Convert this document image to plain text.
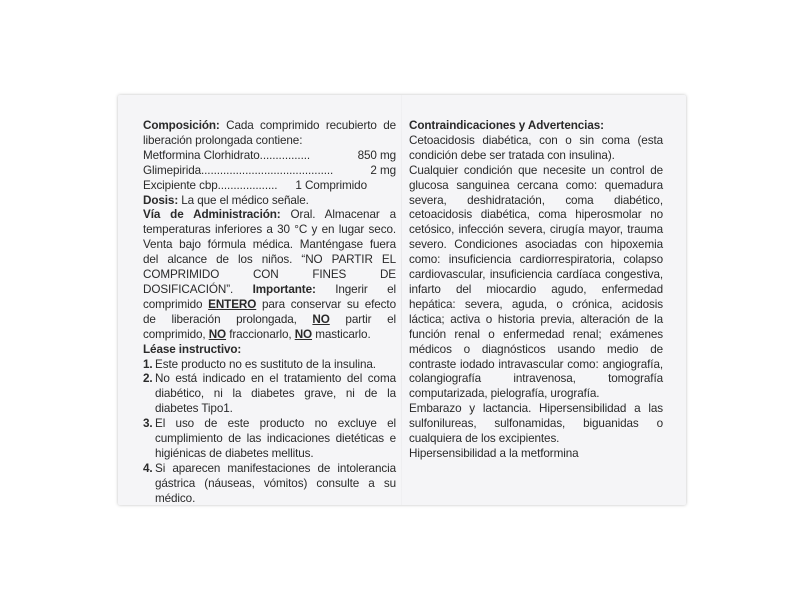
Composición: Cada comprimido recubierto de liberación prolongada contiene:

Metformina Clorhidrato................	850 mg
Glimepirida..........................................	2 mg
Excipiente cbp................... 1 Comprimido

Dosis: La que el médico señale.

Vía de Administración: Oral. Almacenar a temperaturas inferiores a 30 °C y en lugar seco. Venta bajo fórmula médica. Manténgase fuera del alcance de los niños. “NO PARTIR EL COMPRIMIDO CON FINES DE DOSIFICACIÓN”. Importante: Ingerir el comprimido ENTERO para conservar su efecto de liberación prolongada, NO partir el comprimido, NO fraccionarlo, NO masticarlo.

Léase instructivo:

1. Este producto no es sustituto de la insulina.
2. No está indicado en el tratamiento del coma diabético, ni la diabetes grave, ni de la diabetes Tipo1.
3. El uso de este producto no excluye el cumplimiento de las indicaciones dietéticas e higiénicas de diabetes mellitus.
4. Si aparecen manifestaciones de intolerancia gástrica (náuseas, vómitos) consulte a su médico.

Contraindicaciones y Advertencias:

Cetoacidosis diabética, con o sin coma (esta condición debe ser tratada con insulina).

Cualquier condición que necesite un control de glucosa sanguinea cercana como: quemadura severa, deshidratación, coma diabético, cetoacidosis diabética, coma hiperosmolar no cetósico, infección severa, cirugía mayor, trauma severo. Condiciones asociadas con hipoxemia como: insuficiencia cardiorrespiratoria, colapso cardiovascular, insuficiencia cardíaca congestiva, infarto del miocardio agudo, enfermedad hepática: severa, aguda, o crónica, acidosis láctica; activa o historia previa, alteración de la función renal o enfermedad renal; exámenes médicos o diagnósticos usando medio de contraste iodado intravascular como: angiografía, colangiografía intravenosa, tomografía computarizada, pielografía, urografía.

Embarazo y lactancia. Hipersensibilidad a las sulfonilureas, sulfonamidas, biguanidas o cualquiera de los excipientes.

Hipersensibilidad a la metformina
